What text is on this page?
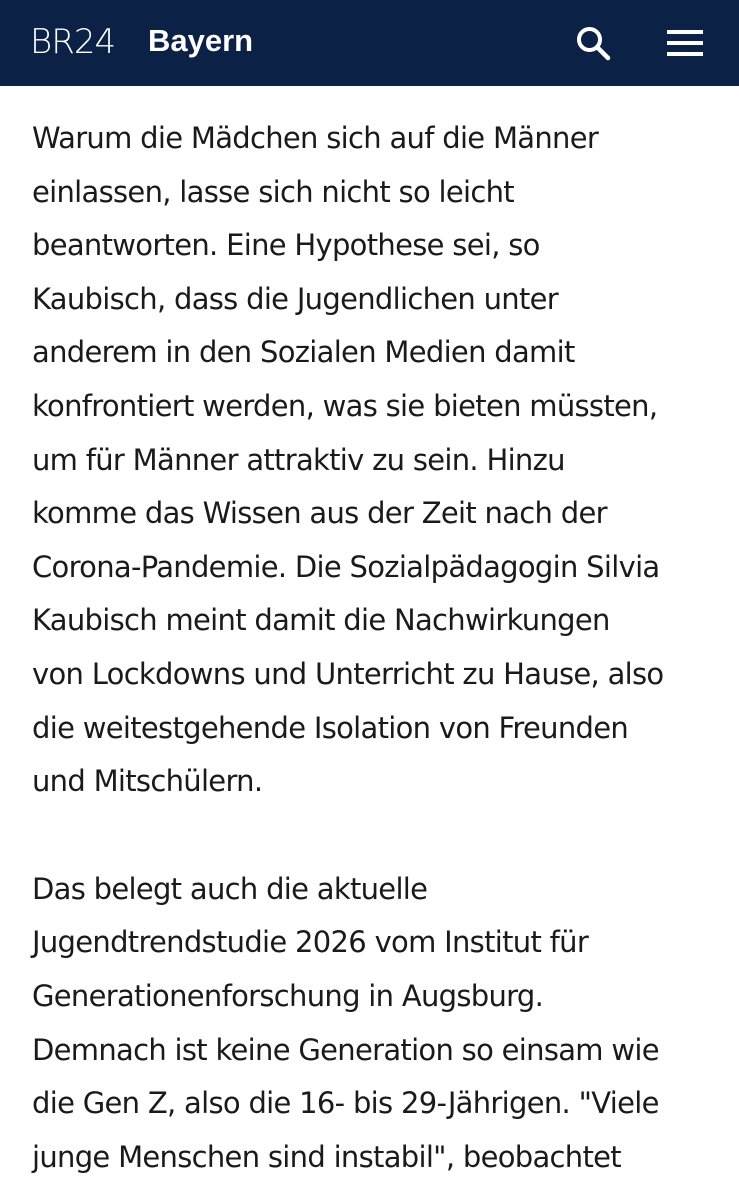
BR24 Bayern

Warum die Mädchen sich auf die Männer
einlassen, lasse sich nicht so leicht
beantworten. Eine Hypothese sei, so
Kaubisch, dass die Jugendlichen unter
anderem in den Sozialen Medien damit
konfrontiert werden, was sie bieten müssten,
um für Männer attraktiv zu sein. Hinzu
komme das Wissen aus der Zeit nach der
Corona-Pandemie. Die Sozialpädagogin Silvia
Kaubisch meint damit die Nachwirkungen
von Lockdowns und Unterricht zu Hause, also
die weitestgehende Isolation von Freunden
und Mitschülern.

Das belegt auch die aktuelle
Jugendtrendstudie 2026 vom Institut für
Generationenforschung in Augsburg.
Demnach ist keine Generation so einsam wie
die Gen Z, also die 16- bis 29-Jährigen. "Viele
junge Menschen sind instabil", beobachtet
